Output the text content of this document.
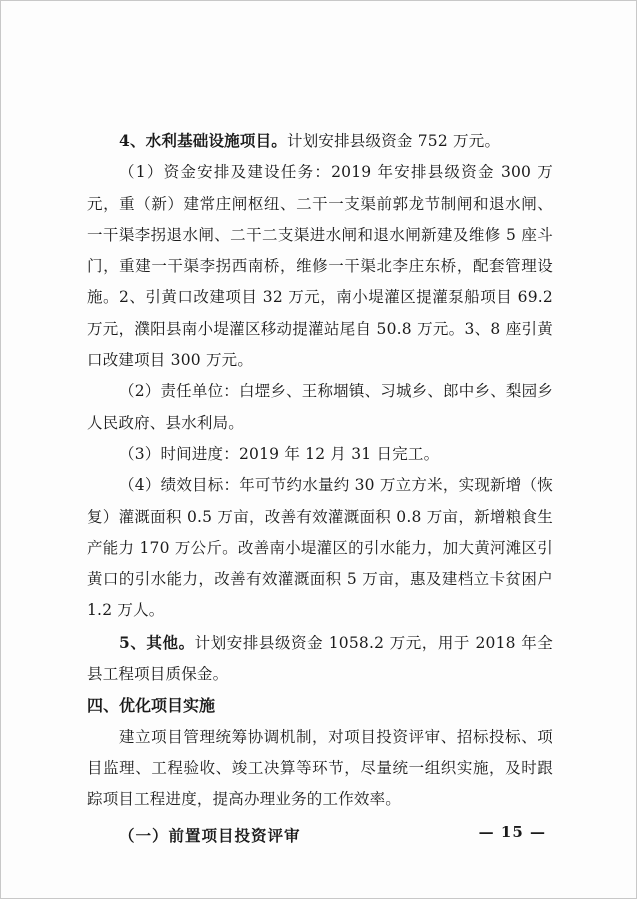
4、水利基础设施项目。计划安排县级资金 752 万元。

（1）资金安排及建设任务：2019 年安排县级资金 300 万元，重（新）建常庄闸枢纽、二干一支渠前郭龙节制闸和退水闸、一干渠李拐退水闸、二干二支渠进水闸和退水闸新建及维修 5 座斗门，重建一干渠李拐西南桥，维修一干渠北李庄东桥，配套管理设施。2、引黄口改建项目 32 万元，南小堤灌区提灌泵船项目 69.2 万元，濮阳县南小堤灌区移动提灌站尾自 50.8 万元。3、8 座引黄口改建项目 300 万元。

（2）责任单位：白堽乡、王称堌镇、习城乡、郎中乡、梨园乡人民政府、县水利局。

（3）时间进度：2019 年 12 月 31 日完工。

（4）绩效目标：年可节约水量约 30 万立方米，实现新增（恢复）灌溉面积 0.5 万亩，改善有效灌溉面积 0.8 万亩，新增粮食生产能力 170 万公斤。改善南小堤灌区的引水能力，加大黄河滩区引黄口的引水能力，改善有效灌溉面积 5 万亩，惠及建档立卡贫困户 1.2 万人。

5、其他。计划安排县级资金 1058.2 万元，用于 2018 年全县工程项目质保金。

四、优化项目实施

建立项目管理统筹协调机制，对项目投资评审、招标投标、项目监理、工程验收、竣工决算等环节，尽量统一组织实施，及时跟踪项目工程进度，提高办理业务的工作效率。

（一）前置项目投资评审	— 15 —
